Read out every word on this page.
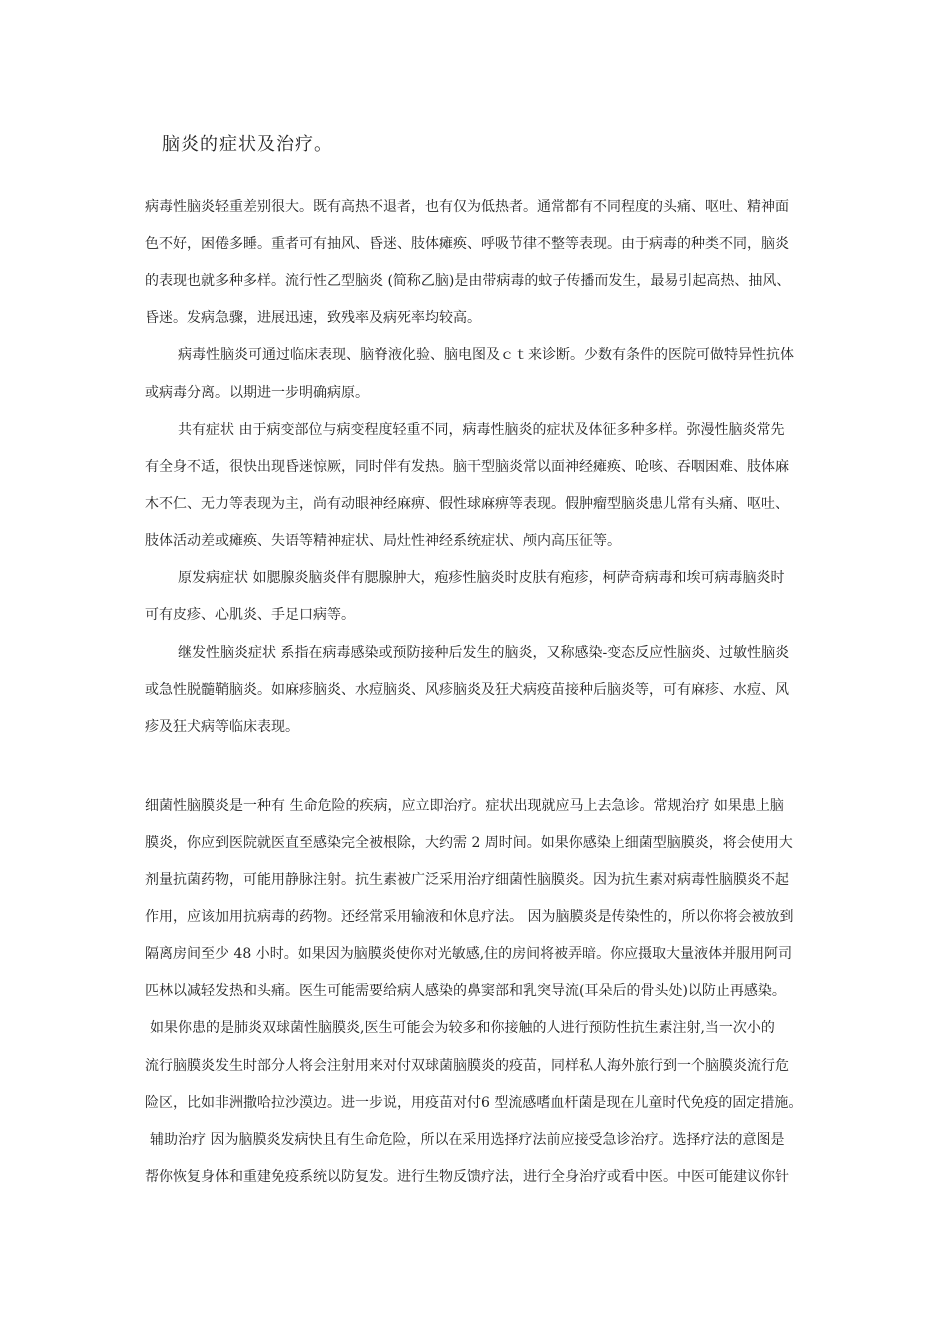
脑炎的症状及治疗。
病毒性脑炎轻重差别很大。既有高热不退者，也有仅为低热者。通常都有不同程度的头痛、呕吐、精神面
色不好，困倦多睡。重者可有抽风、昏迷、肢体瘫痪、呼吸节律不整等表现。由于病毒的种类不同，脑炎
的表现也就多种多样。流行性乙型脑炎 (简称乙脑)是由带病毒的蚊子传播而发生，最易引起高热、抽风、
昏迷。发病急骤，进展迅速，致残率及病死率均较高。
病毒性脑炎可通过临床表现、脑脊液化验、脑电图及ｃｔ来诊断。少数有条件的医院可做特异性抗体
或病毒分离。以期进一步明确病原。
共有症状 由于病变部位与病变程度轻重不同，病毒性脑炎的症状及体征多种多样。弥漫性脑炎常先
有全身不适，很快出现昏迷惊厥，同时伴有发热。脑干型脑炎常以面神经瘫痪、呛咳、吞咽困难、肢体麻
木不仁、无力等表现为主，尚有动眼神经麻痹、假性球麻痹等表现。假肿瘤型脑炎患儿常有头痛、呕吐、
肢体活动差或瘫痪、失语等精神症状、局灶性神经系统症状、颅内高压征等。
原发病症状 如腮腺炎脑炎伴有腮腺肿大，疱疹性脑炎时皮肤有疱疹，柯萨奇病毒和埃可病毒脑炎时
可有皮疹、心肌炎、手足口病等。
继发性脑炎症状 系指在病毒感染或预防接种后发生的脑炎，又称感染-变态反应性脑炎、过敏性脑炎
或急性脱髓鞘脑炎。如麻疹脑炎、水痘脑炎、风疹脑炎及狂犬病疫苗接种后脑炎等，可有麻疹、水痘、风
疹及狂犬病等临床表现。
细菌性脑膜炎是一种有 生命危险的疾病，应立即治疗。症状出现就应马上去急诊。常规治疗 如果患上脑
膜炎，你应到医院就医直至感染完全被根除，大约需 2 周时间。如果你感染上细菌型脑膜炎，将会使用大
剂量抗菌药物，可能用静脉注射。抗生素被广泛采用治疗细菌性脑膜炎。因为抗生素对病毒性脑膜炎不起
作用，应该加用抗病毒的药物。还经常采用输液和休息疗法。 因为脑膜炎是传染性的，所以你将会被放到
隔离房间至少 48 小时。如果因为脑膜炎使你对光敏感,住的房间将被弄暗。你应摄取大量液体并服用阿司
匹林以减轻发热和头痛。医生可能需要给病人感染的鼻窦部和乳突导流(耳朵后的骨头处)以防止再感染。
如果你患的是肺炎双球菌性脑膜炎,医生可能会为较多和你接触的人进行预防性抗生素注射,当一次小的
流行脑膜炎发生时部分人将会注射用来对付双球菌脑膜炎的疫苗，同样私人海外旅行到一个脑膜炎流行危
险区，比如非洲撒哈拉沙漠边。进一步说，用疫苗对付6 型流感嗜血杆菌是现在儿童时代免疫的固定措施。
辅助治疗 因为脑膜炎发病快且有生命危险，所以在采用选择疗法前应接受急诊治疗。选择疗法的意图是
帮你恢复身体和重建免疫系统以防复发。进行生物反馈疗法，进行全身治疗或看中医。中医可能建议你针
